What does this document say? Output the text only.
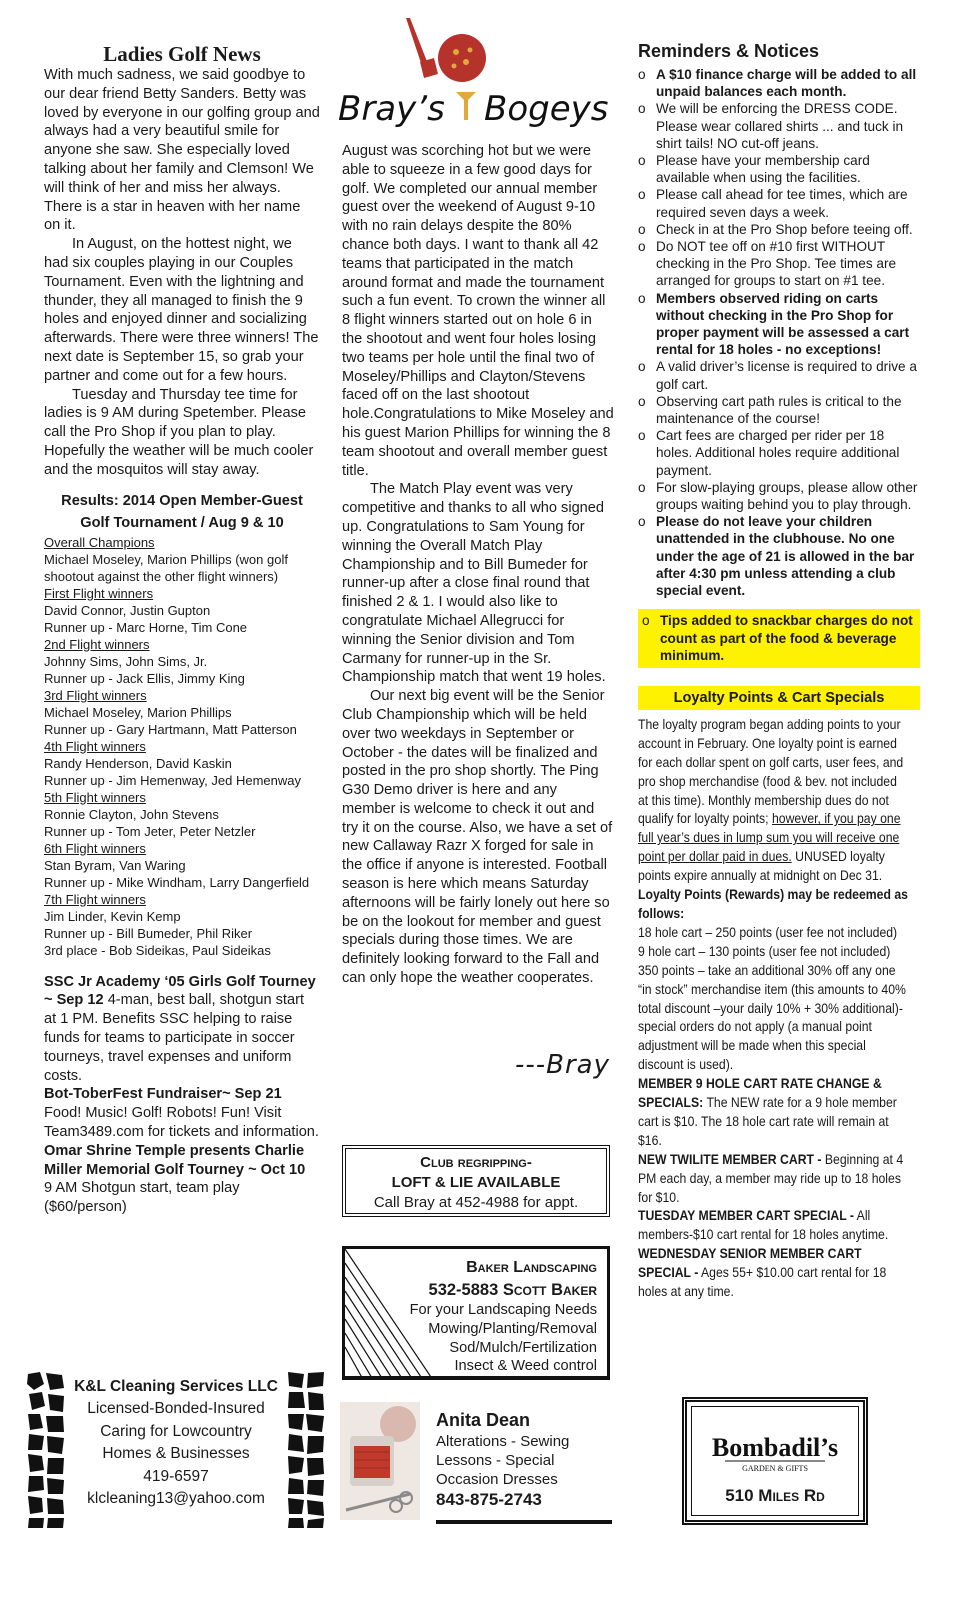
Ladies Golf News

With much sadness, we said goodbye to our dear friend Betty Sanders. Betty was loved by everyone in our golfing group and always had a very beautiful smile for anyone she saw. She especially loved talking about her family and Clemson! We will think of her and miss her always. There is a star in heaven with her name on it.

In August, on the hottest night, we had six couples playing in our Couples Tournament. Even with the lightning and thunder, they all managed to finish the 9 holes and enjoyed dinner and socializing afterwards. There were three winners! The next date is September 15, so grab your partner and come out for a few hours.

Tuesday and Thursday tee time for ladies is 9 AM during Spetember. Please call the Pro Shop if you plan to play. Hopefully the weather will be much cooler and the mosquitos will stay away.

Results: 2014 Open Member-Guest
Golf Tournament / Aug 9 & 10
Overall Champions
Michael Moseley, Marion Phillips (won golf shootout against the other flight winners)
First Flight winners
David Connor, Justin Gupton
Runner up - Marc Horne, Tim Cone
2nd Flight winners
Johnny Sims, John Sims, Jr.
Runner up - Jack Ellis, Jimmy King
3rd Flight winners
Michael Moseley, Marion Phillips
Runner up - Gary Hartmann, Matt Patterson
4th Flight winners
Randy Henderson, David Kaskin
Runner up - Jim Hemenway, Jed Hemenway
5th Flight winners
Ronnie Clayton, John Stevens
Runner up - Tom Jeter, Peter Netzler
6th Flight winners
Stan Byram, Van Waring
Runner up - Mike Windham, Larry Dangerfield
7th Flight winners
Jim Linder, Kevin Kemp
Runner up - Bill Bumeder, Phil Riker
3rd place - Bob Sideikas, Paul Sideikas

SSC Jr Academy ‘05 Girls Golf Tourney ~ Sep 12 4-man, best ball, shotgun start at 1 PM. Benefits SSC helping to raise funds for teams to participate in soccer tourneys, travel expenses and uniform costs.

Bot-ToberFest Fundraiser~ Sep 21
Food! Music! Golf! Robots! Fun! Visit Team3489.com for tickets and information.

Omar Shrine Temple presents Charlie Miller Memorial Golf Tourney ~ Oct 10
9 AM Shotgun start, team play ($60/person)

K&L Cleaning Services LLC
Licensed-Bonded-Insured
Caring for Lowcountry
Homes & Businesses
419-6597
klcleaning13@yahoo.com
Bray’s Bogeys

August was scorching hot but we were able to squeeze in a few good days for golf. We completed our annual member guest over the weekend of August 9-10 with no rain delays despite the 80% chance both days. I want to thank all 42 teams that participated in the match around format and made the tournament such a fun event. To crown the winner all 8 flight winners started out on hole 6 in the shootout and went four holes losing two teams per hole until the final two of Moseley/Phillips and Clayton/Stevens faced off on the last shootout hole.Congratulations to Mike Moseley and his guest Marion Phillips for winning the 8 team shootout and overall member guest title.

The Match Play event was very competitive and thanks to all who signed up. Congratulations to Sam Young for winning the Overall Match Play Championship and to Bill Bumeder for runner-up after a close final round that finished 2 & 1. I would also like to congratulate Michael Allegrucci for winning the Senior division and Tom Carmany for runner-up in the Sr. Championship match that went 19 holes.

Our next big event will be the Senior Club Championship which will be held over two weekdays in September or October - the dates will be finalized and posted in the pro shop shortly. The Ping G30 Demo driver is here and any member is welcome to check it out and try it on the course. Also, we have a set of new Callaway Razr X forged for sale in the office if anyone is interested. Football season is here which means Saturday afternoons will be fairly lonely out here so be on the lookout for member and guest specials during those times. We are definitely looking forward to the Fall and can only hope the weather cooperates.

---Bray
Club regripping-
LOFT & LIE AVAILABLE
Call Bray at 452-4988 for appt.
Baker Landscaping
532-5883 Scott Baker
For your Landscaping Needs
Mowing/Planting/Removal
Sod/Mulch/Fertilization
Insect & Weed control
Anita Dean
Alterations - Sewing
Lessons - Special
Occasion Dresses
843-875-2743
Reminders & Notices
o A $10 finance charge will be added to all unpaid balances each month.
o We will be enforcing the DRESS CODE. Please wear collared shirts ... and tuck in shirt tails! NO cut-off jeans.
o Please have your membership card available when using the facilities.
o Please call ahead for tee times, which are required seven days a week.
o Check in at the Pro Shop before teeing off.
o Do NOT tee off on #10 first WITHOUT checking in the Pro Shop. Tee times are arranged for groups to start on #1 tee.
o Members observed riding on carts without checking in the Pro Shop for proper payment will be assessed a cart rental for 18 holes - no exceptions!
o A valid driver’s license is required to drive a golf cart.
o Observing cart path rules is critical to the maintenance of the course!
o Cart fees are charged per rider per 18 holes. Additional holes require additional payment.
o For slow-playing groups, please allow other groups waiting behind you to play through.
o Please do not leave your children unattended in the clubhouse. No one under the age of 21 is allowed in the bar after 4:30 pm unless attending a club special event.
o Tips added to snackbar charges do not count as part of the food & beverage minimum.
Loyalty Points & Cart Specials

The loyalty program began adding points to your account in February. One loyalty point is earned for each dollar spent on golf carts, user fees, and pro shop merchandise (food & bev. not included at this time). Monthly membership dues do not qualify for loyalty points; however, if you pay one full year’s dues in lump sum you will receive one point per dollar paid in dues. UNUSED loyalty points expire annually at midnight on Dec 31.

Loyalty Points (Rewards) may be redeemed as follows:

18 hole cart – 250 points (user fee not included)

9 hole cart – 130 points (user fee not included)

350 points – take an additional 30% off any one “in stock” merchandise item (this amounts to 40% total discount –your daily 10% + 30% additional)-special orders do not apply (a manual point adjustment will be made when this special discount is used).

MEMBER 9 HOLE CART RATE CHANGE & SPECIALS: The NEW rate for a 9 hole member cart is $10. The 18 hole cart rate will remain at $16.

NEW TWILITE MEMBER CART - Beginning at 4 PM each day, a member may ride up to 18 holes for $10.

TUESDAY MEMBER CART SPECIAL - All members-$10 cart rental for 18 holes anytime.

WEDNESDAY SENIOR MEMBER CART SPECIAL - Ages 55+ $10.00 cart rental for 18 holes at any time.

Bombadil’s
GARDEN & GIFTS
510 Miles Rd
